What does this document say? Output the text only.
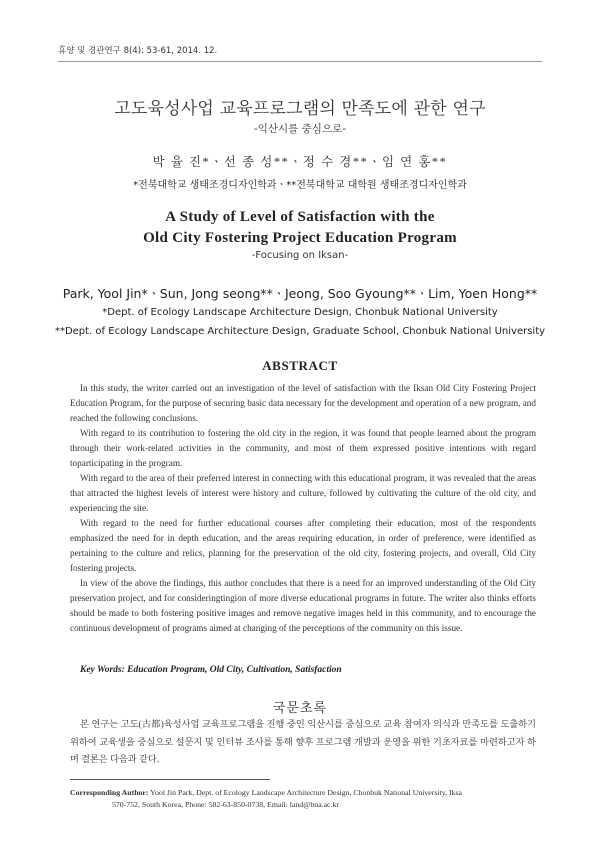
휴양 및 경관연구 8(4): 53-61, 2014. 12.
고도육성사업 교육프로그램의 만족도에 관한 연구
-익산시를 중심으로-
박 율 진*ㆍ선 종 성**ㆍ정 수 경**ㆍ임 연 홍**
*전북대학교 생태조경디자인학과ㆍ**전북대학교 대학원 생태조경디자인학과
A Study of Level of Satisfaction with the
Old City Fostering Project Education Program
-Focusing on Iksan-
Park, Yool Jin*ㆍSun, Jong seong**ㆍJeong, Soo Gyoung**ㆍLim, Yoen Hong**
*Dept. of Ecology Landscape Architecture Design, Chonbuk National University
**Dept. of Ecology Landscape Architecture Design, Graduate School, Chonbuk National University
ABSTRACT

In this study, the writer carried out an investigation of the level of satisfaction with the Iksan Old City Fostering Project Education Program, for the purpose of securing basic data necessary for the development and operation of a new program, and reached the following conclusions.

With regard to its contribution to fostering the old city in the region, it was found that people learned about the program through their work-related activities in the community, and most of them expressed positive intentions with regard toparticipating in the program.

With regard to the area of their preferred interest in connecting with this educational program, it was revealed that the areas that attracted the highest levels of interest were history and culture, followed by cultivating the culture of the old city, and experiencing the site.

With regard to the need for further educational courses after completing their education, most of the respondents emphasized the need for in depth education, and the areas requiring education, in order of preference, were identified as pertaining to the culture and relics, planning for the preservation of the old city, fostering projects, and overall, Old City fostering projects.

In view of the above the findings, this author concludes that there is a need for an improved understanding of the Old City preservation project, and for consideringtingion of more diverse educational programs in future. The writer also thinks efforts should be made to both fostering positive images and remove negative images held in this community, and to encourage the continuous development of programs aimed at changing of the perceptions of the community on this issue.

Key Words: Education Program, Old City, Cultivation, Satisfaction
국문초록

본 연구는 고도(古都)육성사업 교육프로그램을 진행 중인 익산시를 중심으로 교육 참여자 의식과 만족도를 도출하기 위하여 교육생을 중심으로 설문지 및 인터뷰 조사를 통해 향후 프로그램 개발과 운영을 위한 기초자료를 마련하고자 하며 결론은 다음과 같다.

Corresponding Author: Yool Jin Park, Dept. of Ecology Landscape Architecture Design, Chonbuk National University, Iksa
570-752, South Korea, Phone: 582-63-850-0738, Email: land@bna.ac.kr
